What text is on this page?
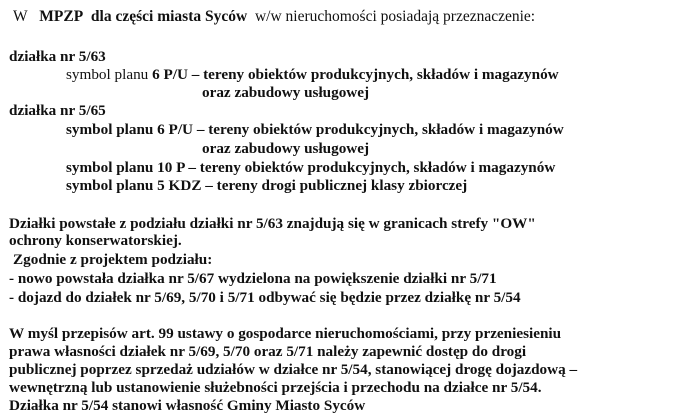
W MPZP dla części miasta Syców w/w nieruchomości posiadają przeznaczenie:
działka nr 5/63
symbol planu 6 P/U – tereny obiektów produkcyjnych, składów i magazynów
oraz zabudowy usługowej
działka nr 5/65
symbol planu 6 P/U – tereny obiektów produkcyjnych, składów i magazynów
oraz zabudowy usługowej
symbol planu 10 P – tereny obiektów produkcyjnych, składów i magazynów
symbol planu 5 KDZ – tereny drogi publicznej klasy zbiorczej
Działki powstałe z podziału działki nr 5/63 znajdują się w granicach strefy "OW"
ochrony konserwatorskiej.
Zgodnie z projektem podziału:
- nowo powstała działka nr 5/67 wydzielona na powiększenie działki nr 5/71
- dojazd do działek nr 5/69, 5/70 i 5/71 odbywać się będzie przez działkę nr 5/54
W myśl przepisów art. 99 ustawy o gospodarce nieruchomościami, przy przeniesieniu
prawa własności działek nr 5/69, 5/70 oraz 5/71 należy zapewnić dostęp do drogi
publicznej poprzez sprzedaż udziałów w działce nr 5/54, stanowiącej drogę dojazdową –
wewnętrzną lub ustanowienie służebności przejścia i przechodu na działce nr 5/54.
Działka nr 5/54 stanowi własność Gminy Miasto Syców
